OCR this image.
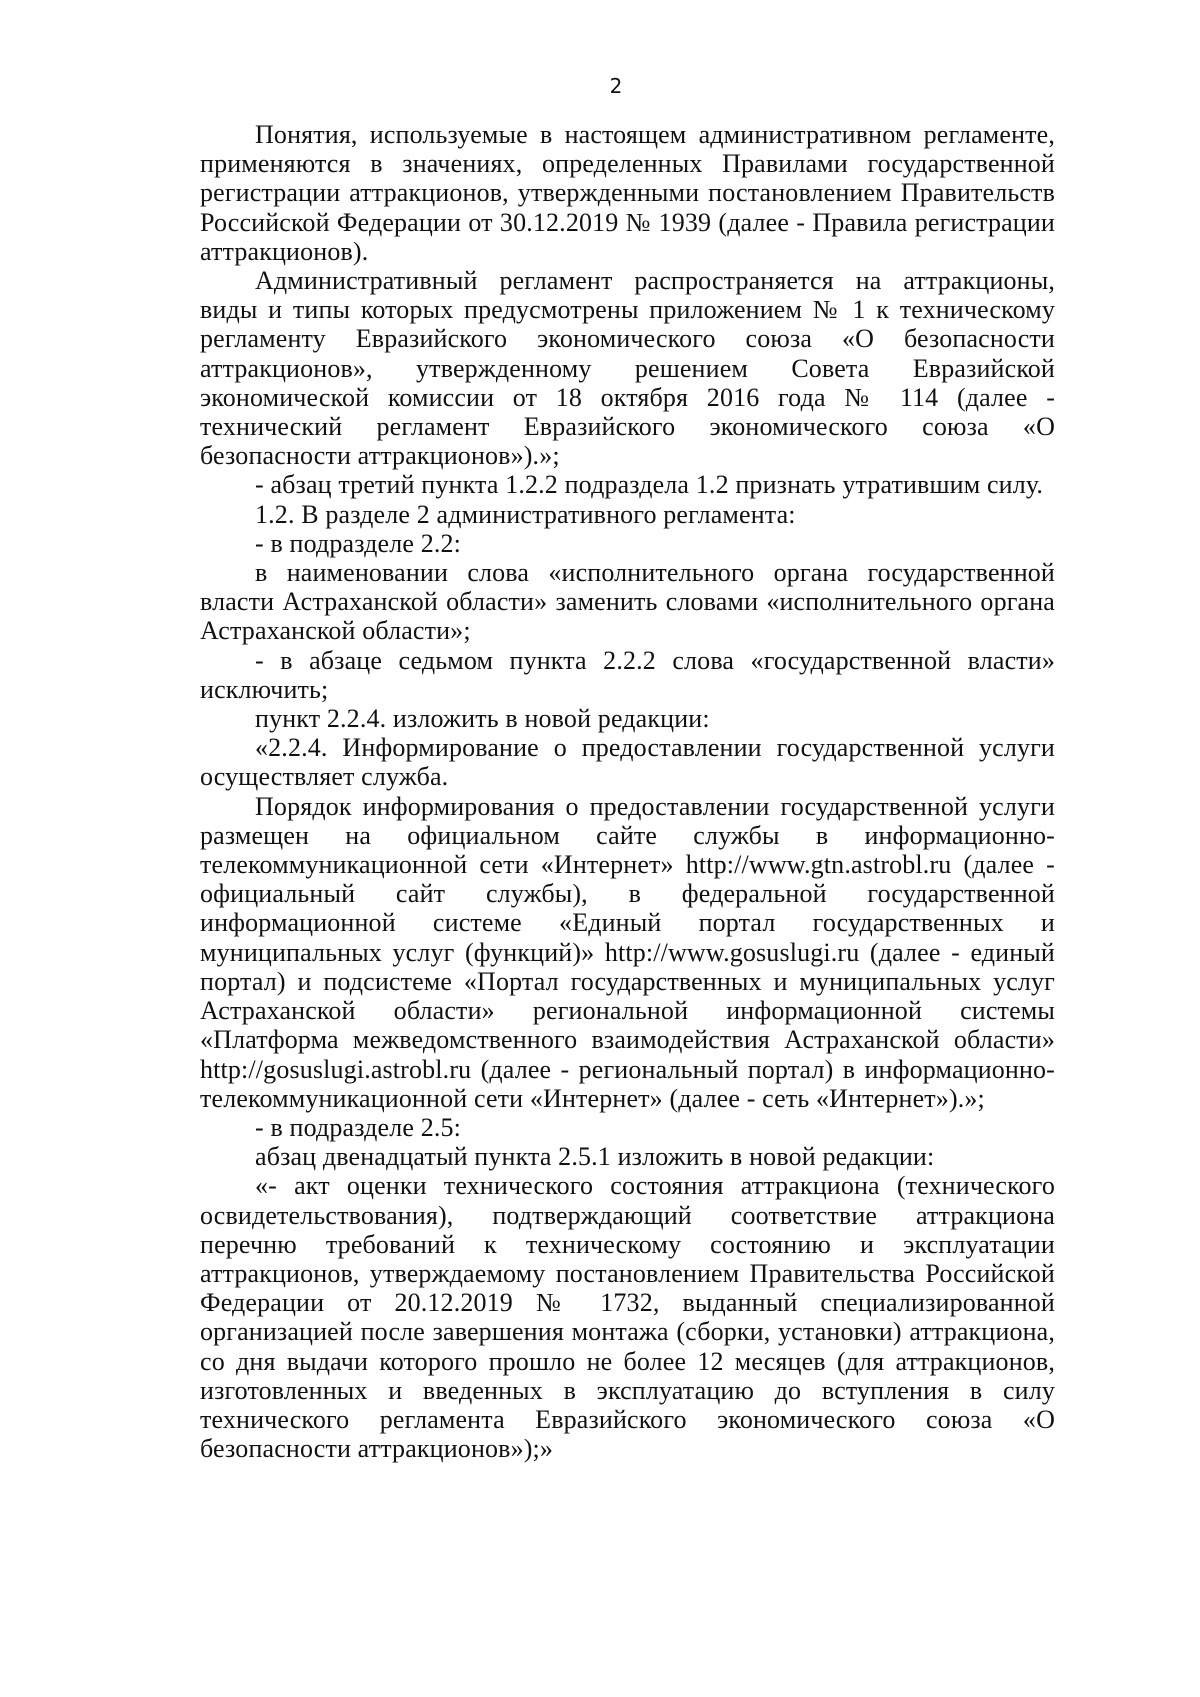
2

Понятия, используемые в настоящем административном регламенте, применяются в значениях, определенных Правилами государственной регистрации аттракционов, утвержденными постановлением Правительств Российской Федерации от 30.12.2019 № 1939 (далее - Правила регистрации аттракционов).

Административный регламент распространяется на аттракционы, виды и типы которых предусмотрены приложением № 1 к техническому регламенту Евразийского экономического союза «О безопасности аттракционов», утвержденному решением Совета Евразийской экономической комиссии от 18 октября 2016 года № 114 (далее - технический регламент Евразийского экономического союза «О безопасности аттракционов»).»;

- абзац третий пункта 1.2.2 подраздела 1.2 признать утратившим силу.

1.2. В разделе 2 административного регламента:

- в подразделе 2.2:

в наименовании слова «исполнительного органа государственной власти Астраханской области» заменить словами «исполнительного органа Астраханской области»;

- в абзаце седьмом пункта 2.2.2 слова «государственной власти» исключить;

пункт 2.2.4. изложить в новой редакции:

«2.2.4. Информирование о предоставлении государственной услуги осуществляет служба.

Порядок информирования о предоставлении государственной услуги размещен на официальном сайте службы в информационно-телекоммуникационной сети «Интернет» http://www.gtn.astrobl.ru (далее - официальный сайт службы), в федеральной государственной информационной системе «Единый портал государственных и муниципальных услуг (функций)» http://www.gosuslugi.ru (далее - единый портал) и подсистеме «Портал государственных и муниципальных услуг Астраханской области» региональной информационной системы «Платформа межведомственного взаимодействия Астраханской области» http://gosuslugi.astrobl.ru (далее - региональный портал) в информационно-телекоммуникационной сети «Интернет» (далее - сеть «Интернет»).»;

- в подразделе 2.5:

абзац двенадцатый пункта 2.5.1 изложить в новой редакции:

«- акт оценки технического состояния аттракциона (технического освидетельствования), подтверждающий соответствие аттракциона перечню требований к техническому состоянию и эксплуатации аттракционов, утверждаемому постановлением Правительства Российской Федерации от 20.12.2019 № 1732, выданный специализированной организацией после завершения монтажа (сборки, установки) аттракциона, со дня выдачи которого прошло не более 12 месяцев (для аттракционов, изготовленных и введенных в эксплуатацию до вступления в силу технического регламента Евразийского экономического союза «О безопасности аттракционов»);»
